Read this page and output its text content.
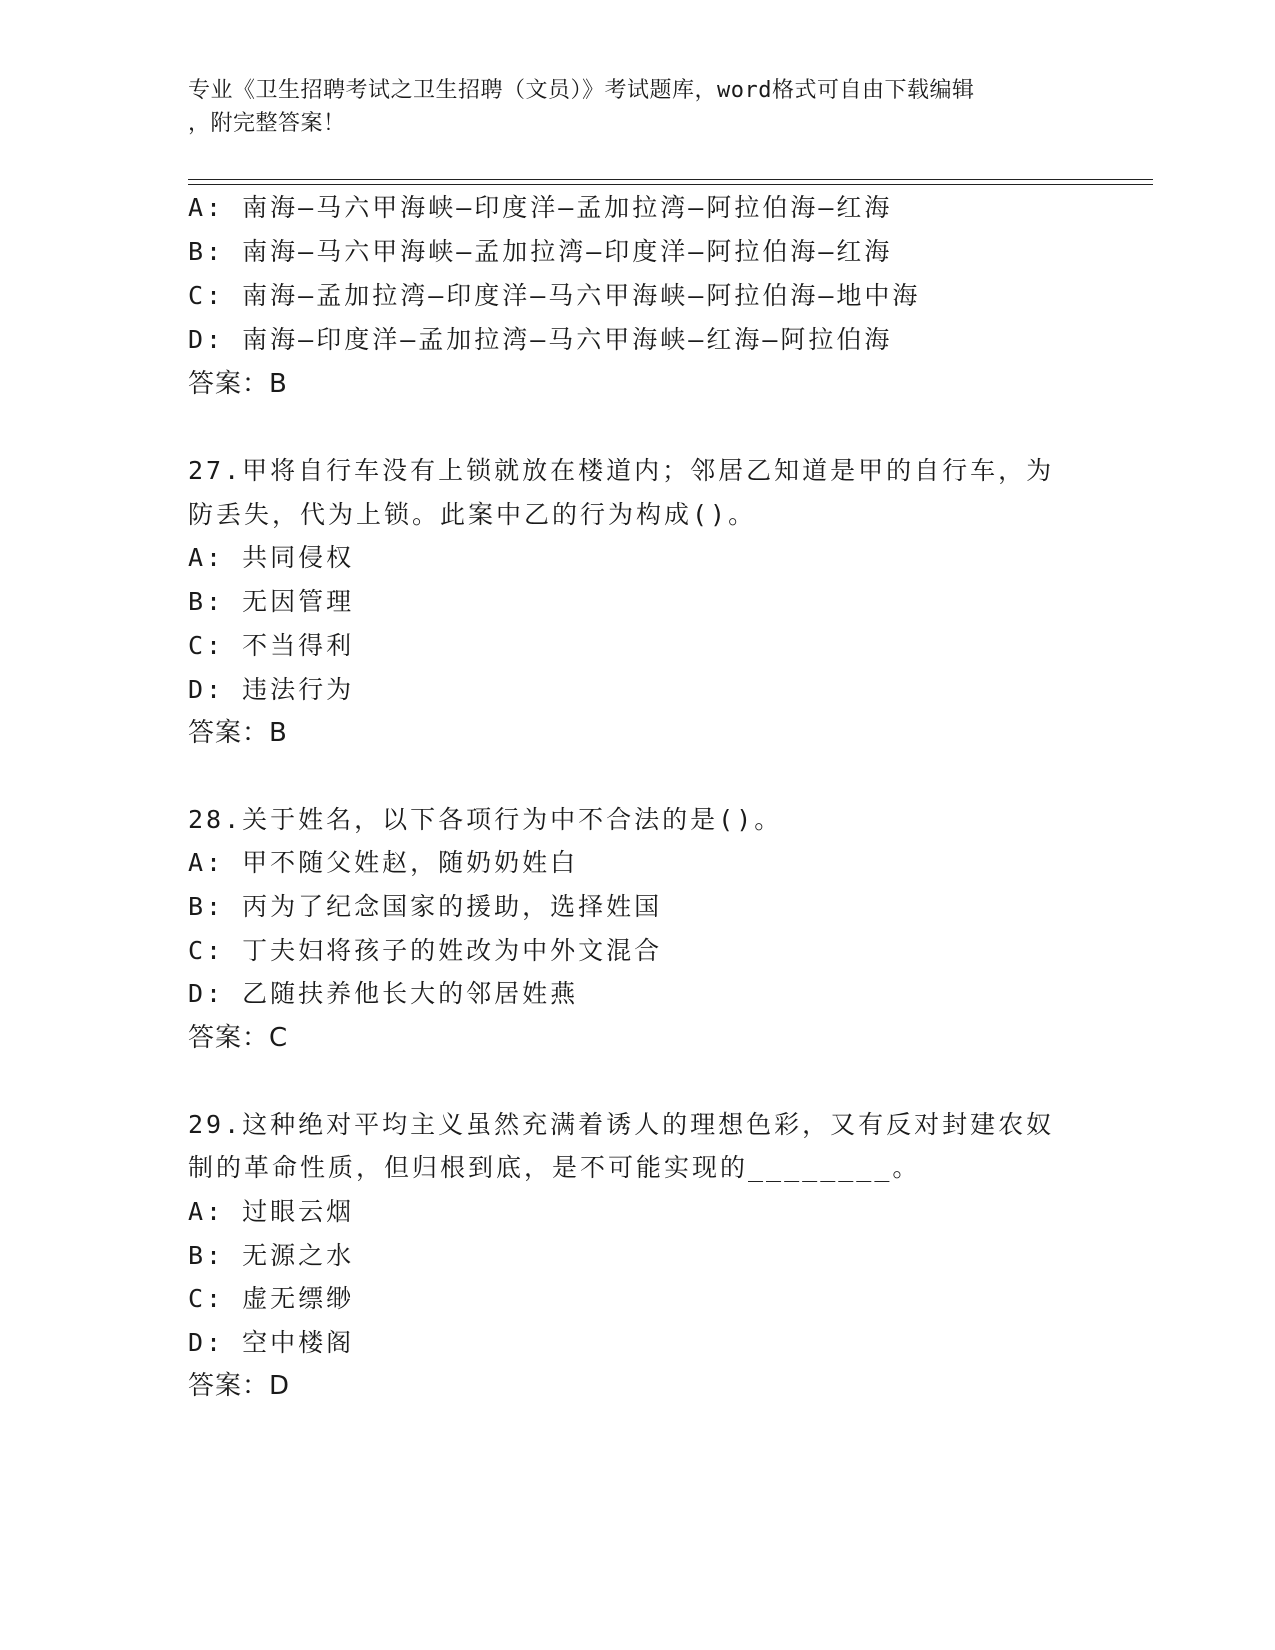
专业《卫生招聘考试之卫生招聘（文员）》考试题库，word格式可自由下载编辑
，附完整答案！
A: 南海—马六甲海峡—印度洋—孟加拉湾—阿拉伯海—红海
B: 南海—马六甲海峡—孟加拉湾—印度洋—阿拉伯海—红海
C: 南海—孟加拉湾—印度洋—马六甲海峡—阿拉伯海—地中海
D: 南海—印度洋—孟加拉湾—马六甲海峡—红海—阿拉伯海
答案：B
27.甲将自行车没有上锁就放在楼道内；邻居乙知道是甲的自行车，为
防丢失，代为上锁。此案中乙的行为构成()。
A: 共同侵权
B: 无因管理
C: 不当得利
D: 违法行为
答案：B
28.关于姓名，以下各项行为中不合法的是()。
A: 甲不随父姓赵，随奶奶姓白
B: 丙为了纪念国家的援助，选择姓国
C: 丁夫妇将孩子的姓改为中外文混合
D: 乙随扶养他长大的邻居姓燕
答案：C
29.这种绝对平均主义虽然充满着诱人的理想色彩，又有反对封建农奴
制的革命性质，但归根到底，是不可能实现的________。
A: 过眼云烟
B: 无源之水
C: 虚无缥缈
D: 空中楼阁
答案：D
